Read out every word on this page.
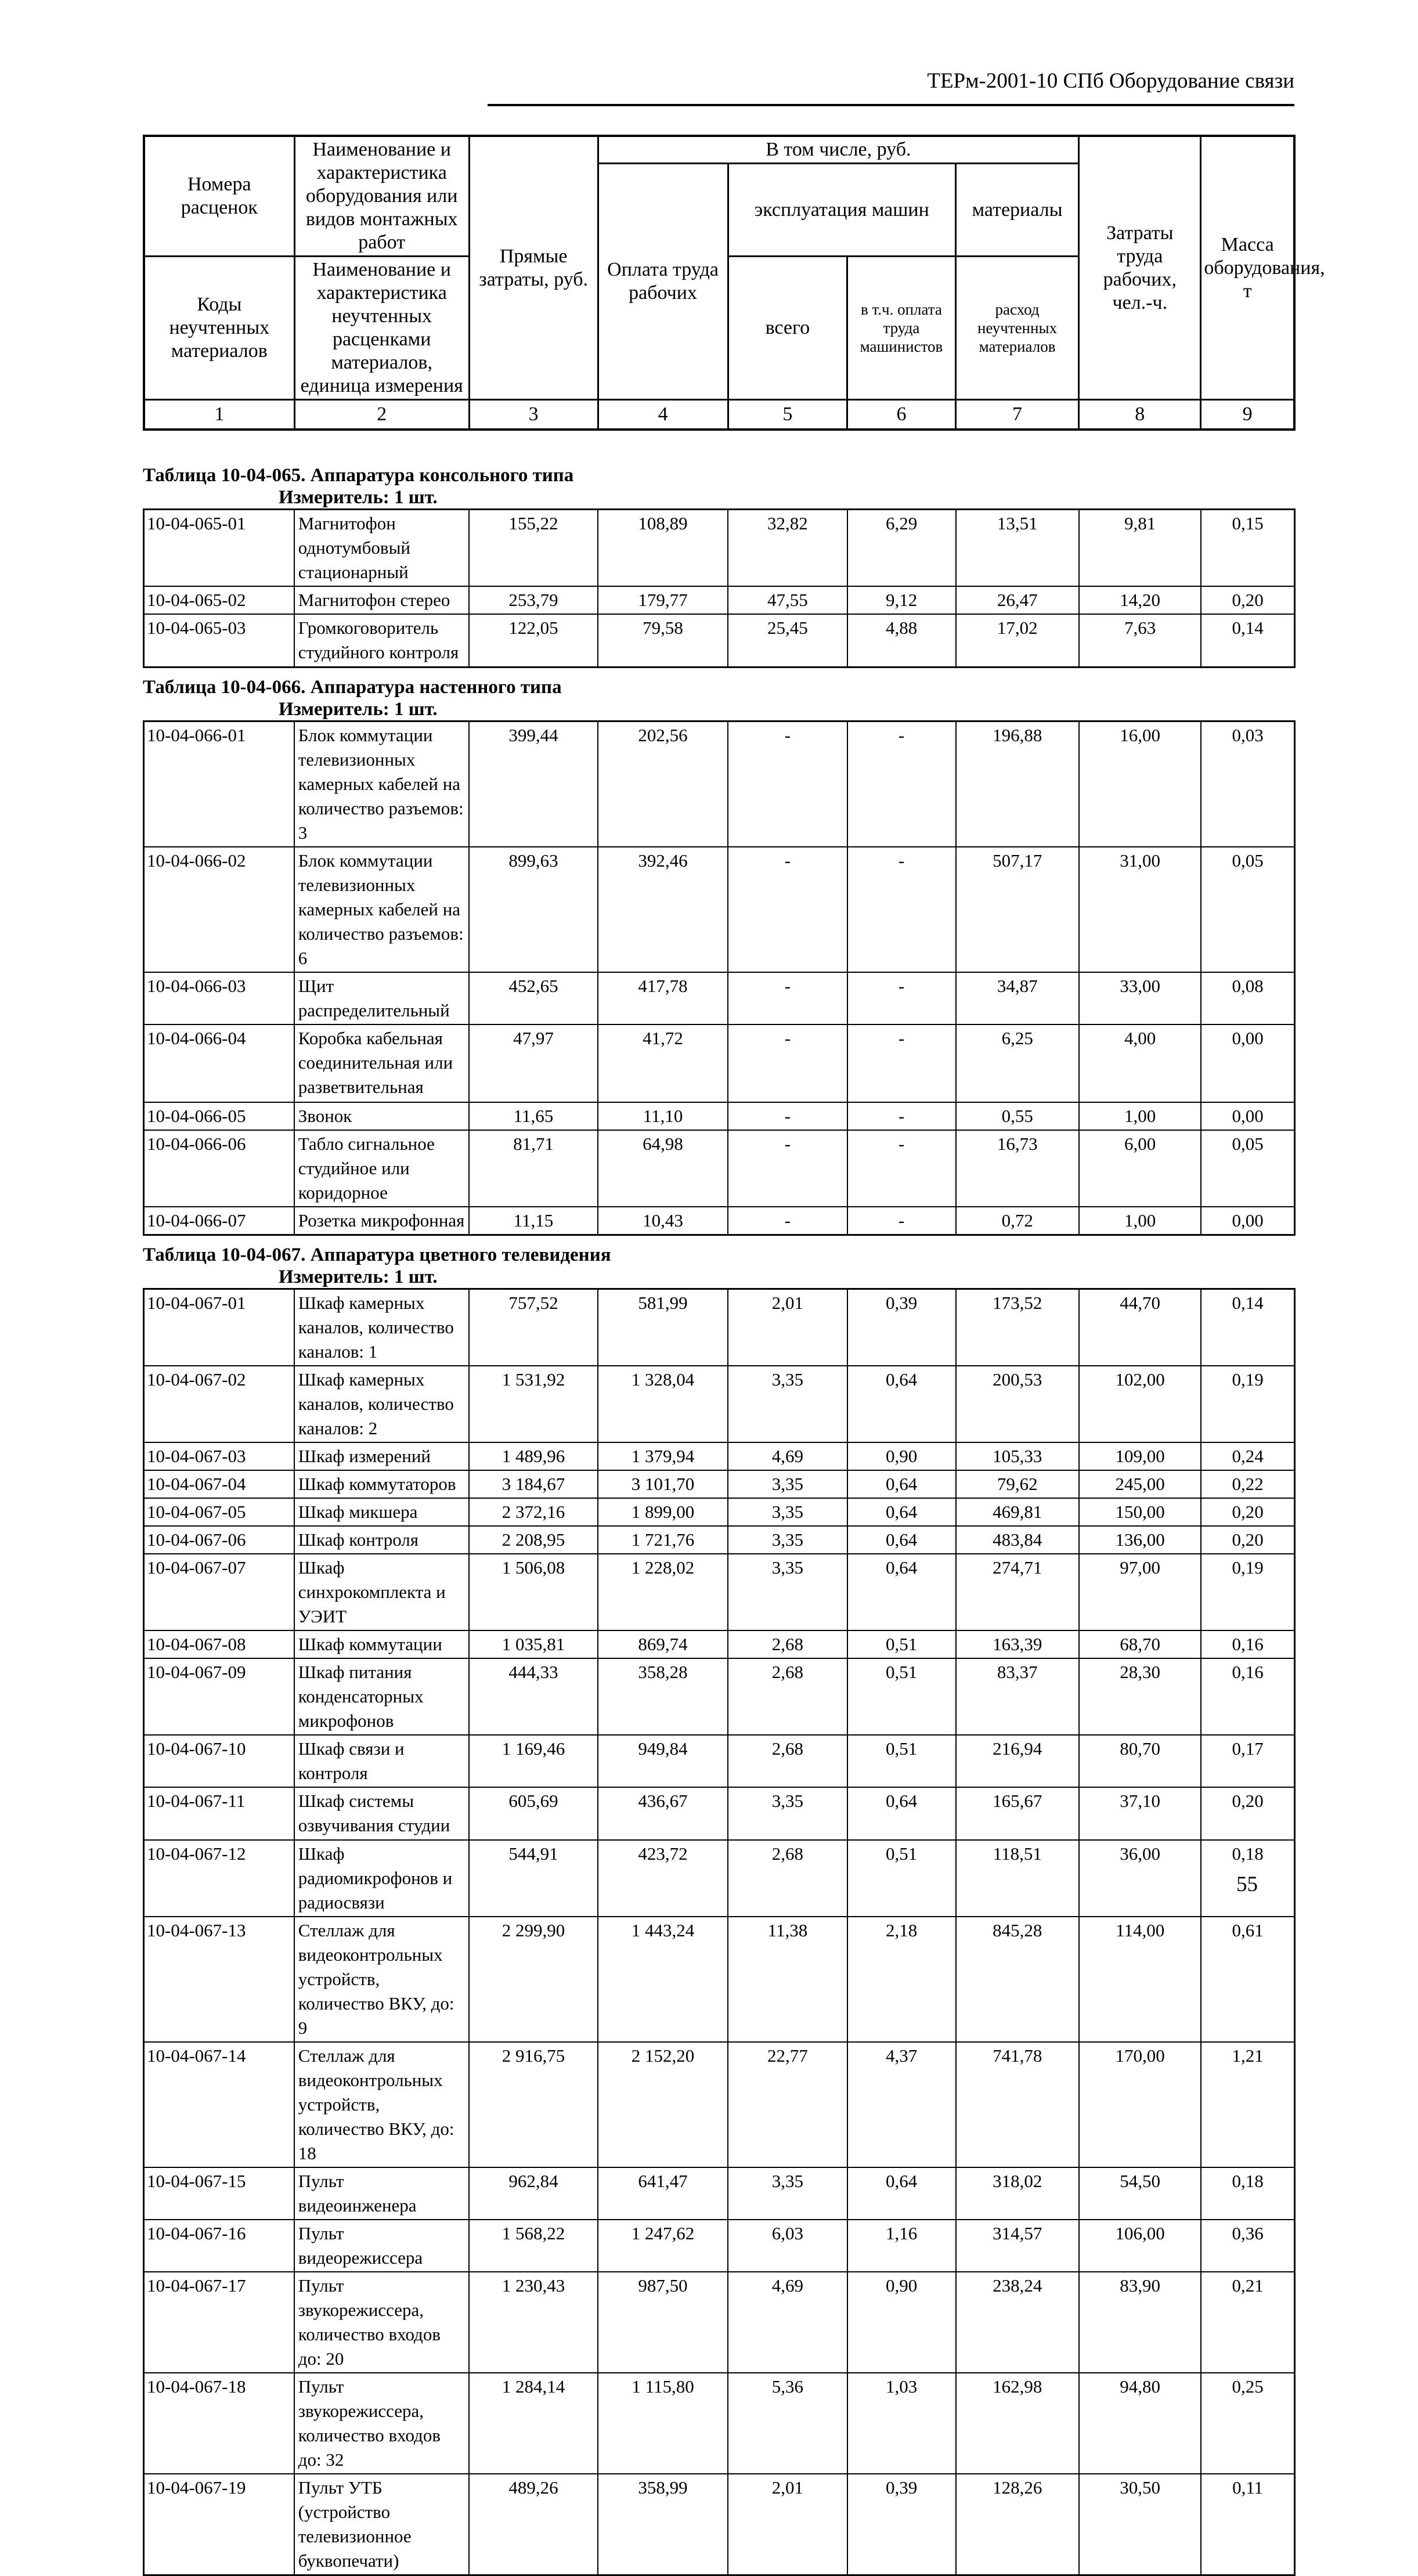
ТЕРм-2001-10 СПб Оборудование связи
Номера расценок	Наименование и характеристика оборудования или видов монтажных работ	Прямые затраты, руб.	В том числе, руб.				Затраты труда рабочих, чел.-ч.	Масса оборудования, т
			Оплата труда рабочих	эксплуатация машин		материалы		
Коды неучтенных материалов	Наименование и характеристика неучтенных расценками материалов, единица измерения			всего	в т.ч. оплата труда машинистов	расход неучтенных материалов		

1	2	3	4	5	6	7	8	9
Таблица 10-04-065. Аппаратура консольного типа
Измеритель: 1 шт.
10-04-065-01	Магнитофон однотумбовый стационарный	155,22	108,89	32,82	6,29	13,51	9,81	0,15
10-04-065-02	Магнитофон стерео	253,79	179,77	47,55	9,12	26,47	14,20	0,20
10-04-065-03	Громкоговоритель студийного контроля	122,05	79,58	25,45	4,88	17,02	7,63	0,14
Таблица 10-04-066. Аппаратура настенного типа
Измеритель: 1 шт.
10-04-066-01	Блок коммутации телевизионных камерных кабелей на количество разъемов: 3	399,44	202,56	-	-	196,88	16,00	0,03
10-04-066-02	Блок коммутации телевизионных камерных кабелей на количество разъемов: 6	899,63	392,46	-	-	507,17	31,00	0,05
10-04-066-03	Щит распределительный	452,65	417,78	-	-	34,87	33,00	0,08
10-04-066-04	Коробка кабельная соединительная или разветвительная	47,97	41,72	-	-	6,25	4,00	0,00
10-04-066-05	Звонок	11,65	11,10	-	-	0,55	1,00	0,00
10-04-066-06	Табло сигнальное студийное или коридорное	81,71	64,98	-	-	16,73	6,00	0,05
10-04-066-07	Розетка микрофонная	11,15	10,43	-	-	0,72	1,00	0,00
Таблица 10-04-067. Аппаратура цветного телевидения
Измеритель: 1 шт.
10-04-067-01	Шкаф камерных каналов, количество каналов: 1	757,52	581,99	2,01	0,39	173,52	44,70	0,14
10-04-067-02	Шкаф камерных каналов, количество каналов: 2	1 531,92	1 328,04	3,35	0,64	200,53	102,00	0,19
10-04-067-03	Шкаф измерений	1 489,96	1 379,94	4,69	0,90	105,33	109,00	0,24
10-04-067-04	Шкаф коммутаторов	3 184,67	3 101,70	3,35	0,64	79,62	245,00	0,22
10-04-067-05	Шкаф микшера	2 372,16	1 899,00	3,35	0,64	469,81	150,00	0,20
10-04-067-06	Шкаф контроля	2 208,95	1 721,76	3,35	0,64	483,84	136,00	0,20
10-04-067-07	Шкаф синхрокомплекта и УЭИТ	1 506,08	1 228,02	3,35	0,64	274,71	97,00	0,19
10-04-067-08	Шкаф коммутации	1 035,81	869,74	2,68	0,51	163,39	68,70	0,16
10-04-067-09	Шкаф питания конденсаторных микрофонов	444,33	358,28	2,68	0,51	83,37	28,30	0,16
10-04-067-10	Шкаф связи и контроля	1 169,46	949,84	2,68	0,51	216,94	80,70	0,17
10-04-067-11	Шкаф системы озвучивания студии	605,69	436,67	3,35	0,64	165,67	37,10	0,20
10-04-067-12	Шкаф радиомикрофонов и радиосвязи	544,91	423,72	2,68	0,51	118,51	36,00	0,18
10-04-067-13	Стеллаж для видеоконтрольных устройств, количество ВКУ, до: 9	2 299,90	1 443,24	11,38	2,18	845,28	114,00	0,61
10-04-067-14	Стеллаж для видеоконтрольных устройств, количество ВКУ, до: 18	2 916,75	2 152,20	22,77	4,37	741,78	170,00	1,21
10-04-067-15	Пульт видеоинженера	962,84	641,47	3,35	0,64	318,02	54,50	0,18
10-04-067-16	Пульт видеорежиссера	1 568,22	1 247,62	6,03	1,16	314,57	106,00	0,36
10-04-067-17	Пульт звукорежиссера, количество входов до: 20	1 230,43	987,50	4,69	0,90	238,24	83,90	0,21
10-04-067-18	Пульт звукорежиссера, количество входов до: 32	1 284,14	1 115,80	5,36	1,03	162,98	94,80	0,25
10-04-067-19	Пульт УТБ (устройство телевизионное буквопечати)	489,26	358,99	2,01	0,39	128,26	30,50	0,11
55
